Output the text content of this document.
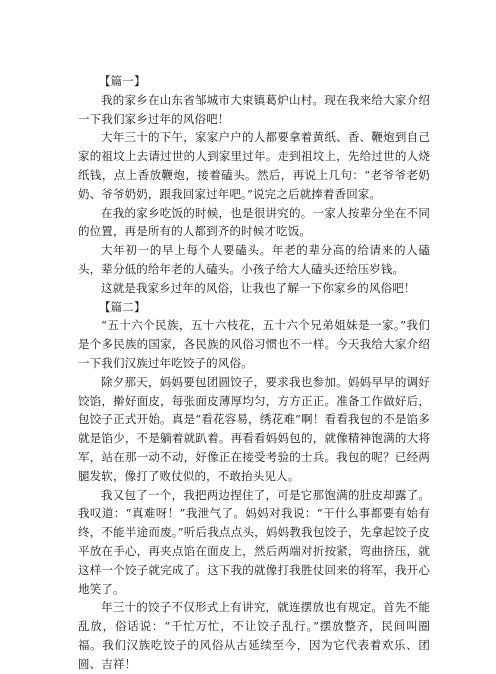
【篇一】

我的家乡在山东省邹城市大束镇葛炉山村。现在我来给大家介绍一下我们家乡过年的风俗吧！

大年三十的下午，家家户户的人都要拿着黄纸、香、鞭炮到自己家的祖坟上去请过世的人到家里过年。走到祖坟上，先给过世的人烧纸钱，点上香放鞭炮，接着磕头。然后，再说上几句：“老爷爷老奶奶、爷爷奶奶，跟我回家过年吧。”说完之后就捧着香回家。

在我的家乡吃饭的时候，也是很讲究的。一家人按辈分坐在不同的位置，再是所有的人都到齐的时候才吃饭。

大年初一的早上每个人要磕头。年老的辈分高的给请来的人磕头，辈分低的给年老的人磕头。小孩子给大人磕头还给压岁钱。

这就是我家乡过年的风俗，让我也了解一下你家乡的风俗吧！

【篇二】

“五十六个民族，五十六枝花，五十六个兄弟姐妹是一家。”我们是个多民族的国家，各民族的风俗习惯也不一样。今天我给大家介绍一下我们汉族过年吃饺子的风俗。

除夕那天，妈妈要包团圆饺子，要求我也参加。妈妈早早的调好饺馅，擀好面皮，每张面皮薄厚均匀，方方正正。准备工作做好后，包饺子正式开始。真是“看花容易，绣花难”啊！看看我包的不是馅多就是馅少，不是躺着就趴着。再看看妈妈包的，就像精神饱满的大将军，站在那一动不动，好像正在接受考验的士兵。我包的呢？已经两腿发软，像打了败仗似的，不敢抬头见人。

我又包了一个，我把两边捏住了，可是它那饱满的肚皮却露了。我叹道：“真难呀！”我泄气了。妈妈对我说：“干什么事都要有始有终，不能半途而废。”听后我点点头，妈妈教我包饺子，先拿起饺子皮平放在手心，再夹点馅在面皮上，然后两端对折按紧，弯曲挤压，就这样一个饺子就完成了。这下我的就像打我胜仗回来的将军，我开心地笑了。

年三十的饺子不仅形式上有讲究，就连摆放也有规定。首先不能乱放，俗话说：“千忙万忙，不让饺子乱行。”摆放整齐，民间叫圈福。我们汉族吃饺子的风俗从古延续至今，因为它代表着欢乐、团圆、吉祥！
